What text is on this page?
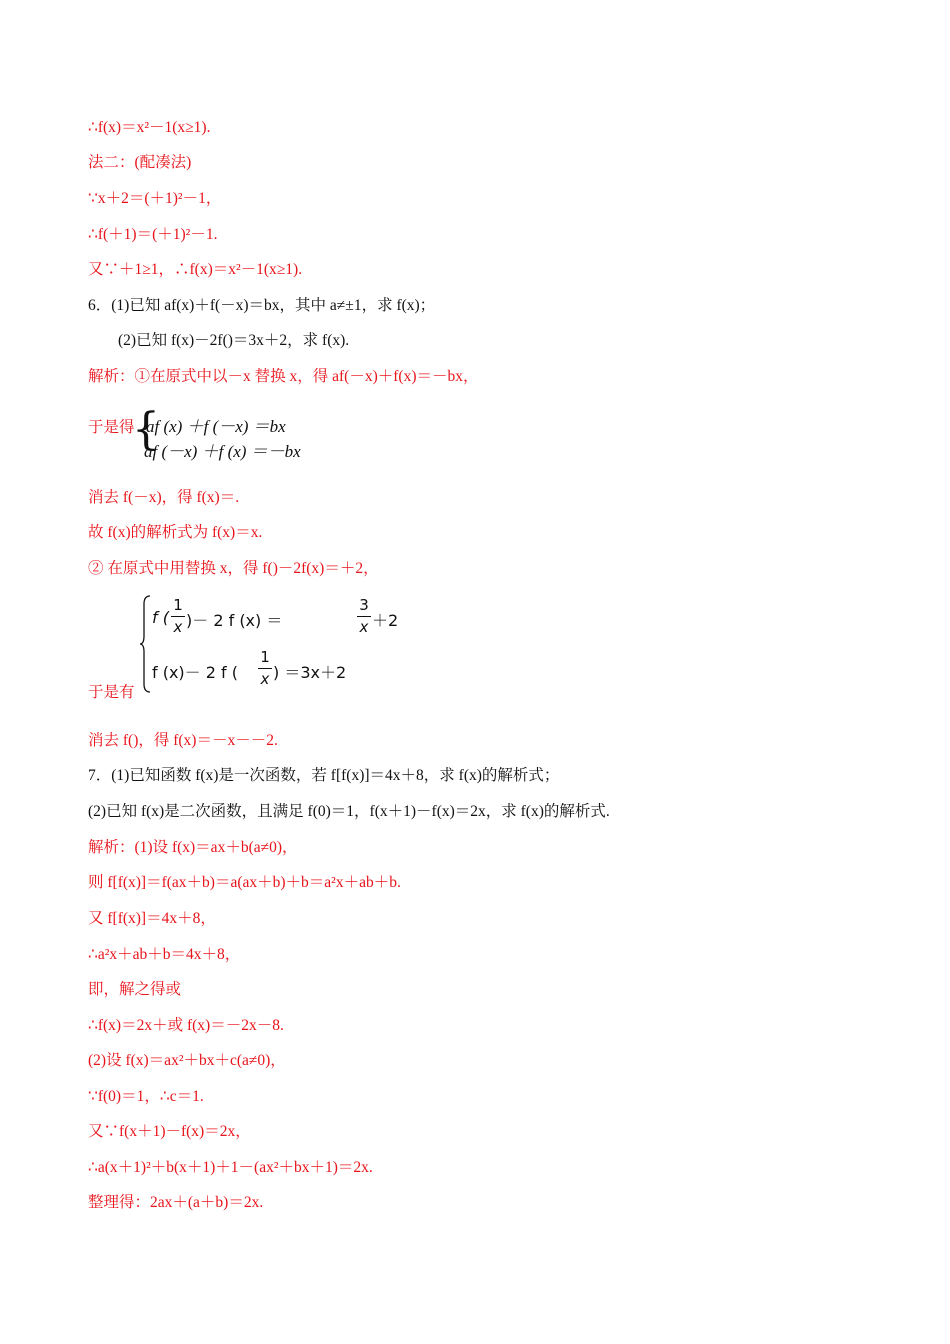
∴f(x)＝x²－1(x≥1).
法二：(配凑法)
∵x＋2＝(＋1)²－1，
∴f(＋1)＝(＋1)²－1.
又∵＋1≥1，∴f(x)＝x²－1(x≥1).
6．(1)已知 af(x)＋f(－x)＝bx，其中 a≠±1，求 f(x)；
(2)已知 f(x)－2f()＝3x＋2，求 f(x).
解析：①在原式中以－x 替换 x，得 af(－x)＋f(x)＝－bx，
于是得
{
af (x) ＋f (－x) ＝bx
af (－x) ＋f (x) ＝－bx
消去 f(－x)，得 f(x)＝.
故 f(x)的解析式为 f(x)＝x.
② 在原式中用替换 x，得 f()－2f(x)＝＋2，
于是有
f (
1
x )－ 2 f (x) ＝
3
x ＋2
f (x)－ 2 f (
1
x ) ＝3x＋2
消去 f()，得 f(x)＝－x－－2.
7．(1)已知函数 f(x)是一次函数，若 f[f(x)]＝4x＋8，求 f(x)的解析式；
(2)已知 f(x)是二次函数，且满足 f(0)＝1，f(x＋1)－f(x)＝2x，求 f(x)的解析式.
解析：(1)设 f(x)＝ax＋b(a≠0)，
则 f[f(x)]＝f(ax＋b)＝a(ax＋b)＋b＝a²x＋ab＋b.
又 f[f(x)]＝4x＋8，
∴a²x＋ab＋b＝4x＋8，
即，解之得或
∴f(x)＝2x＋或 f(x)＝－2x－8.
(2)设 f(x)＝ax²＋bx＋c(a≠0)，
∵f(0)＝1，∴c＝1.
又∵f(x＋1)－f(x)＝2x，
∴a(x＋1)²＋b(x＋1)＋1－(ax²＋bx＋1)＝2x.
整理得：2ax＋(a＋b)＝2x.
